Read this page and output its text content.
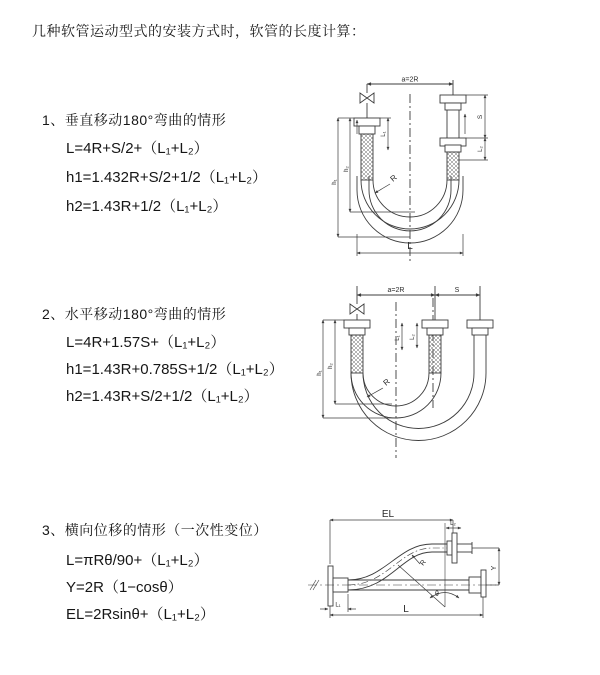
几种软管运动型式的安装方式时，软管的长度计算：
1、垂直移动180°弯曲的情形
L=4R+S/2+（L₁+L₂）
h1=1.432R+S/2+1/2（L₁+L₂）
h2=1.43R+1/2（L₁+L₂）
a=2R
L₁
S
L₂
h₁
h₂
R
L
2、水平移动180°弯曲的情形
L=4R+1.57S+（L₁+L₂）
h1=1.43R+0.785S+1/2（L₁+L₂）
h2=1.43R+S/2+1/2（L₁+L₂）
a=2R	S
h₁
h₂
L₁ L₂
R
3、横向位移的情形（一次性变位）
L=πRθ/90+（L₁+L₂）
Y=2R（1−cosθ）
EL=2Rsinθ+（L₁+L₂）
EL
L₂
Y
R
θ
L
L₁
